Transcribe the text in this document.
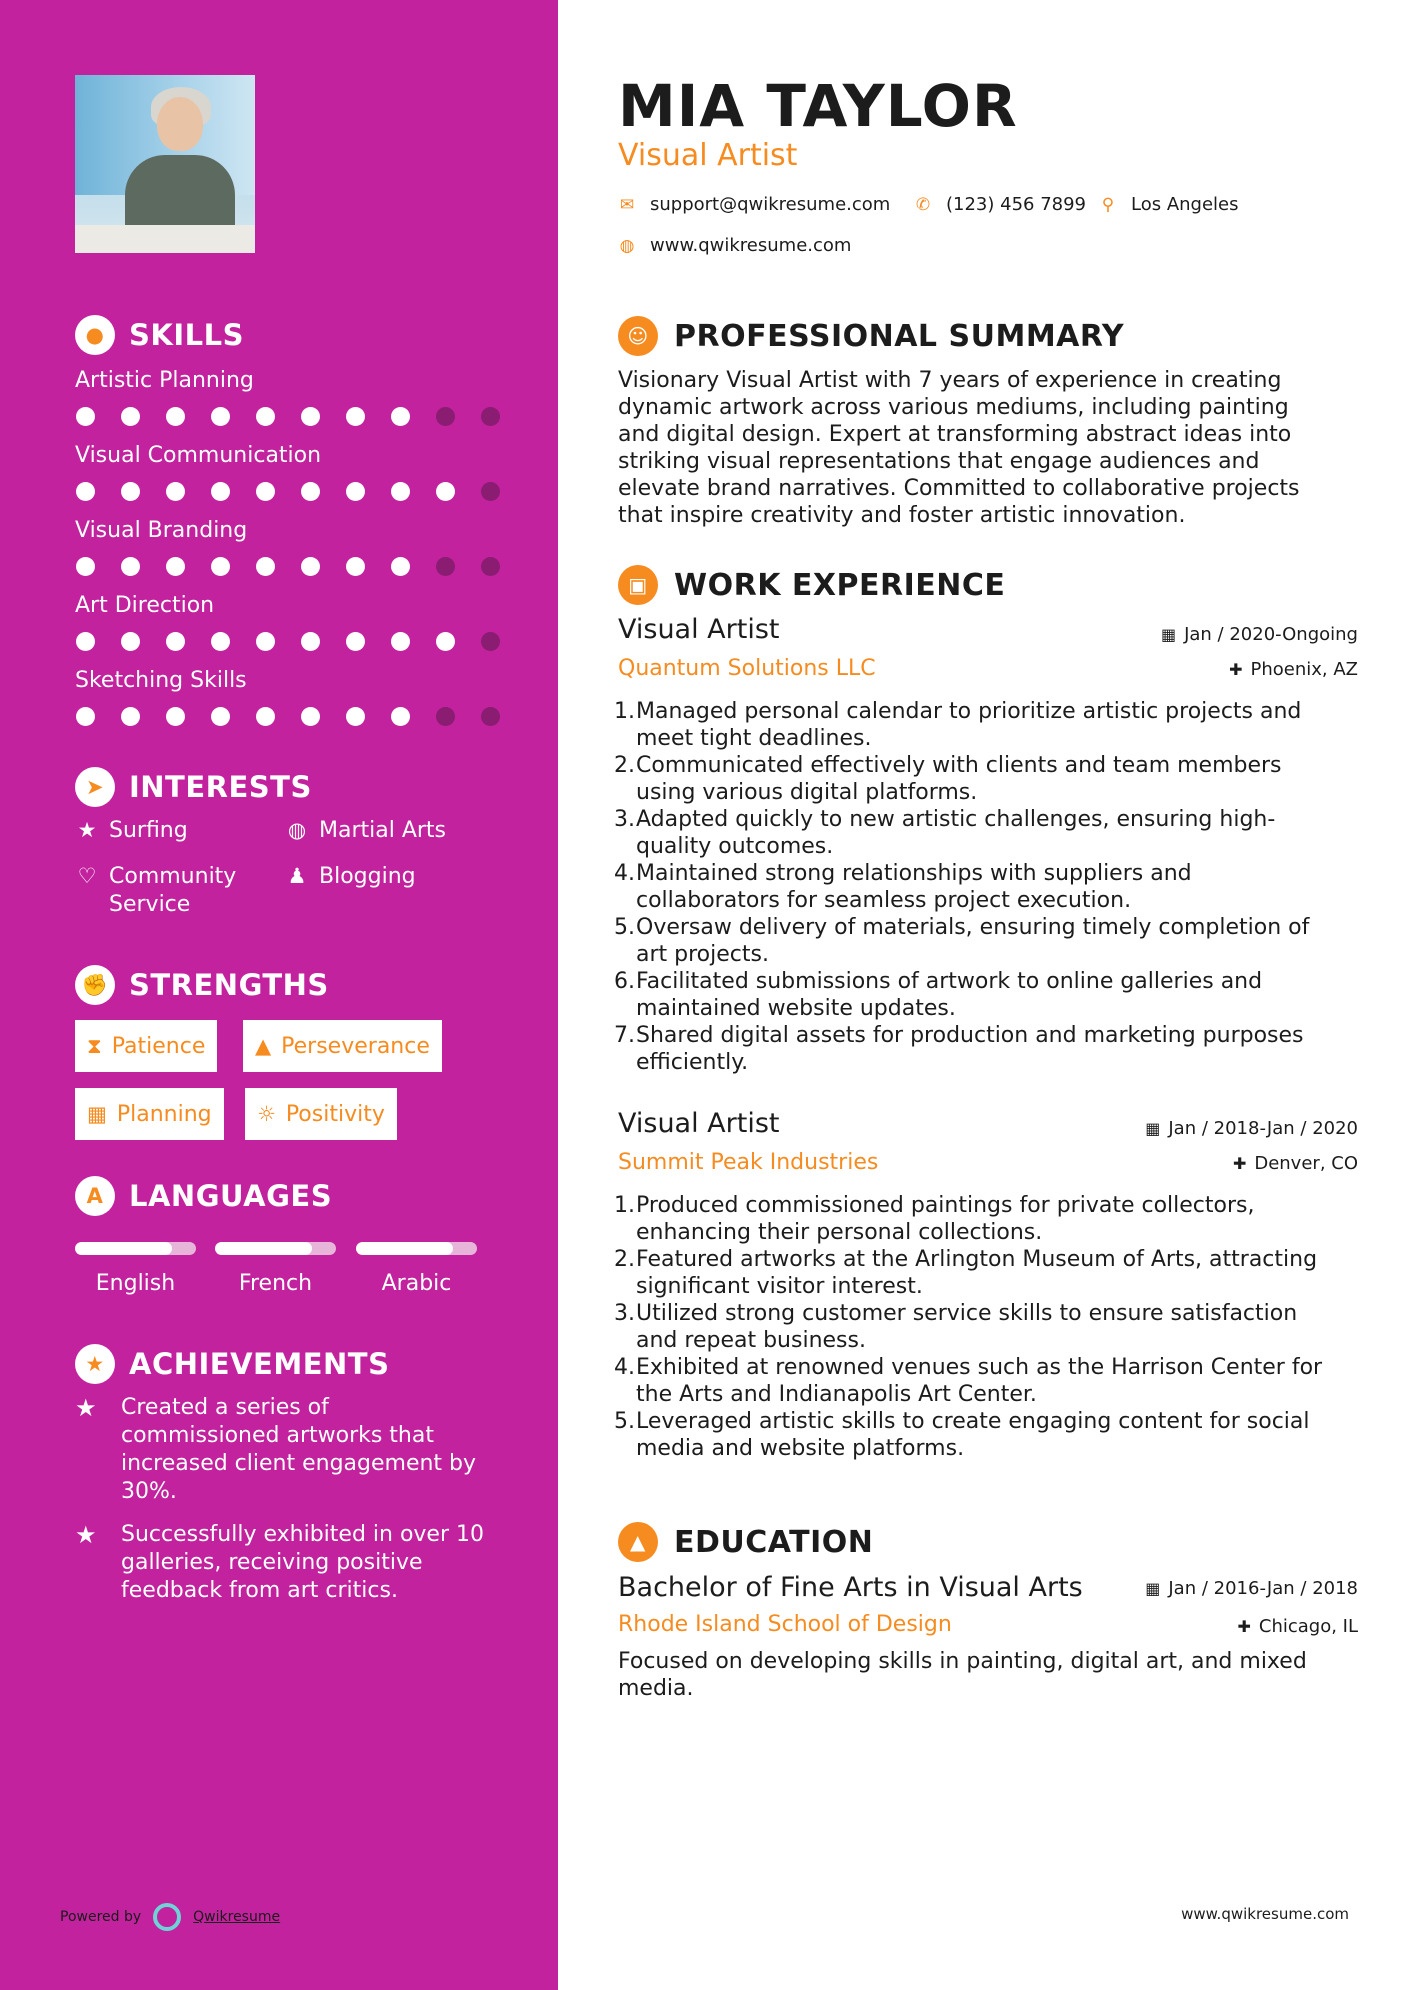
● SKILLS
Artistic Planning
Visual Communication
Visual Branding
Art Direction
Sketching Skills
➤ INTERESTS
★ Surfing	◍ Martial Arts
♡ Community
Service
♟ Blogging
✊ STRENGTHS
⧗ Patience ▲ Perseverance
▦ Planning ☼ Positivity
A LANGUAGES
English	French	Arabic
★ ACHIEVEMENTS
★	Created a series of
commissioned artworks that
increased client engagement by
30%.
★	Successfully exhibited in over 10
galleries, receiving positive
feedback from art critics.
Powered by	Qwikresume
MIA TAYLOR
Visual Artist
✉ support@qwikresume.com ✆ (123) 456 7899 ⚲ Los Angeles
◍ www.qwikresume.com
☺ PROFESSIONAL SUMMARY
Visionary Visual Artist with 7 years of experience in creating
dynamic artwork across various mediums, including painting
and digital design. Expert at transforming abstract ideas into
striking visual representations that engage audiences and
elevate brand narratives. Committed to collaborative projects
that inspire creativity and foster artistic innovation.
▣ WORK EXPERIENCE
Visual Artist	▦ Jan / 2020-Ongoing
Quantum Solutions LLC	✚ Phoenix, AZ
Managed personal calendar to prioritize artistic projects and
meet tight deadlines.
Communicated effectively with clients and team members
using various digital platforms.
Adapted quickly to new artistic challenges, ensuring high-
quality outcomes.
Maintained strong relationships with suppliers and
collaborators for seamless project execution.
Oversaw delivery of materials, ensuring timely completion of
art projects.
Facilitated submissions of artwork to online galleries and
maintained website updates.
Shared digital assets for production and marketing purposes
efficiently.
Visual Artist	▦ Jan / 2018-Jan / 2020
Summit Peak Industries	✚ Denver, CO
Produced commissioned paintings for private collectors,
enhancing their personal collections.
Featured artworks at the Arlington Museum of Arts, attracting
significant visitor interest.
Utilized strong customer service skills to ensure satisfaction
and repeat business.
Exhibited at renowned venues such as the Harrison Center for
the Arts and Indianapolis Art Center.
Leveraged artistic skills to create engaging content for social
media and website platforms.
▲ EDUCATION
Bachelor of Fine Arts in Visual Arts	▦ Jan / 2016-Jan / 2018
Rhode Island School of Design	✚ Chicago, IL
Focused on developing skills in painting, digital art, and mixed
media.
www.qwikresume.com
